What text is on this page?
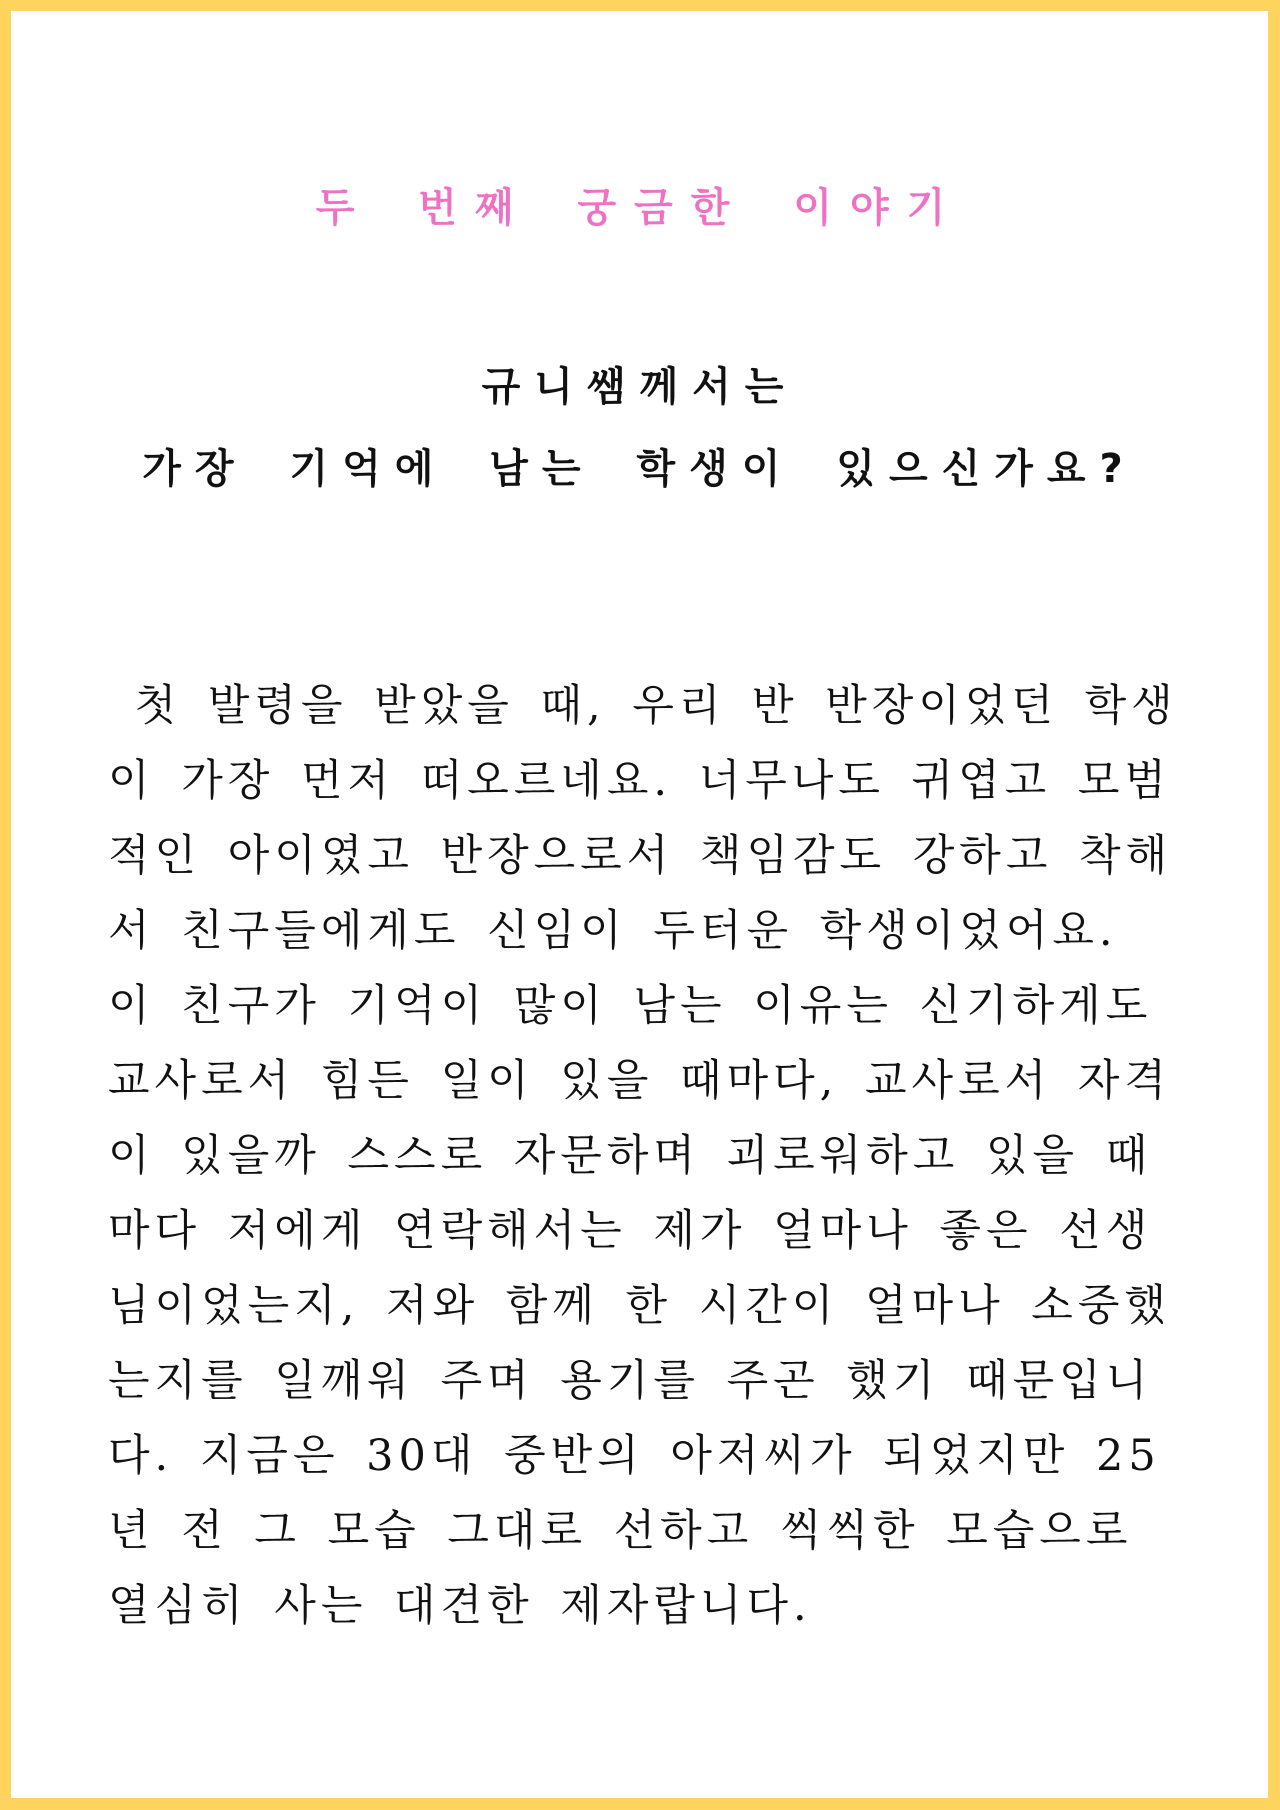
두 번째 궁금한 이야기
규니쌤께서는
가장 기억에 남는 학생이 있으신가요?
첫 발령을 받았을 때, 우리 반 반장이었던 학생
이 가장 먼저 떠오르네요. 너무나도 귀엽고 모범
적인 아이였고 반장으로서 책임감도 강하고 착해
서 친구들에게도 신임이 두터운 학생이었어요.
이 친구가 기억이 많이 남는 이유는 신기하게도
교사로서 힘든 일이 있을 때마다, 교사로서 자격
이 있을까 스스로 자문하며 괴로워하고 있을 때
마다 저에게 연락해서는 제가 얼마나 좋은 선생
님이었는지, 저와 함께 한 시간이 얼마나 소중했
는지를 일깨워 주며 용기를 주곤 했기 때문입니
다. 지금은 30대 중반의 아저씨가 되었지만 25
년 전 그 모습 그대로 선하고 씩씩한 모습으로
열심히 사는 대견한 제자랍니다.
